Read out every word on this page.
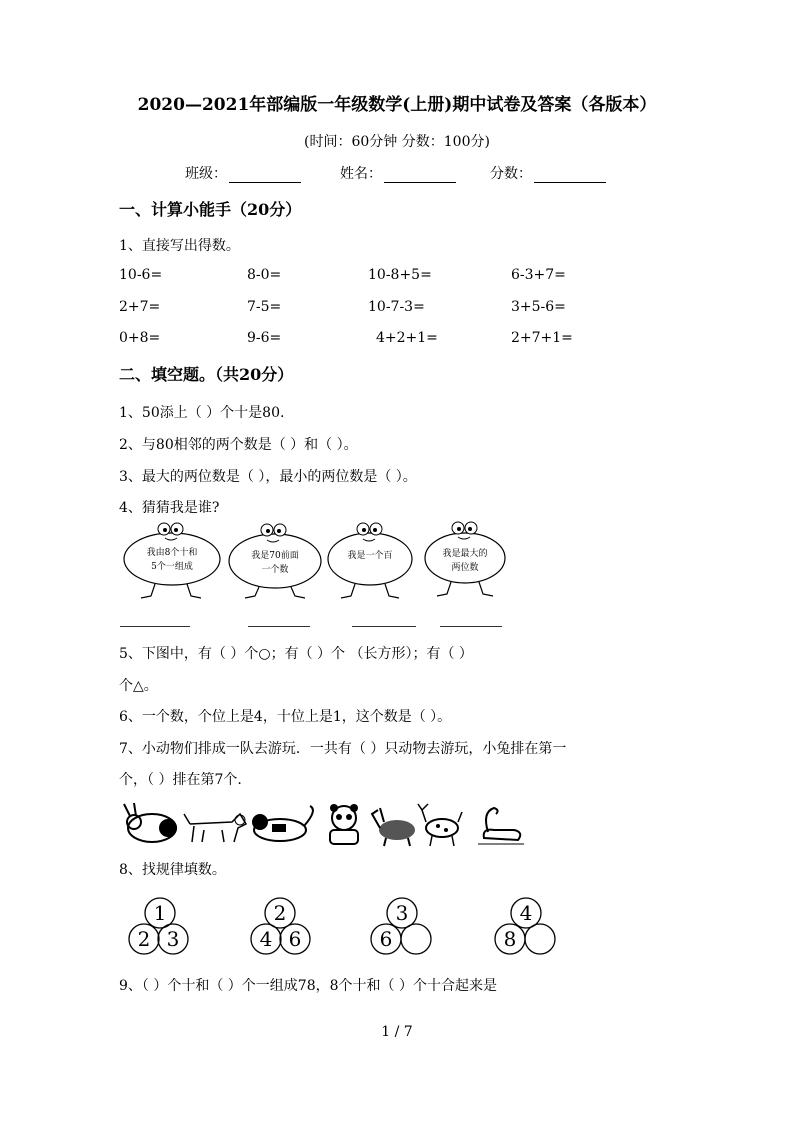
2020—2021年部编版一年级数学(上册)期中试卷及答案（各版本）
(时间：60分钟 分数：100分)
班级：	姓名：	分数：
一、计算小能手（20分）
1、直接写出得数。
10-6=	8-0=	10-8+5=	6-3+7=
2+7=	7-5=	10-7-3=	3+5-6=
0+8=	9-6=	4+2+1=	2+7+1=
二、填空题。（共20分）
1、50添上（ ）个十是80.
2、与80相邻的两个数是（ ）和（ ）。
3、最大的两位数是（ ），最小的两位数是（ ）。
4、猜猜我是谁?
我由8个十和
5个一组成
我是70前面
一个数
我是一个百	我是最大的
两位数
5、下图中，有（ ）个○；有（ ）个 （长方形）；有（ ）
个△。
6、一个数，个位上是4，十位上是1，这个数是（ ）。
7、小动物们排成一队去游玩．一共有（ ）只动物去游玩，小兔排在第一
个，（ ）排在第7个.
8、找规律填数。
1
2 3
2
4 6
3
6
4
8
9、（ ）个十和（ ）个一组成78，8个十和（ ）个十合起来是
1 / 7
